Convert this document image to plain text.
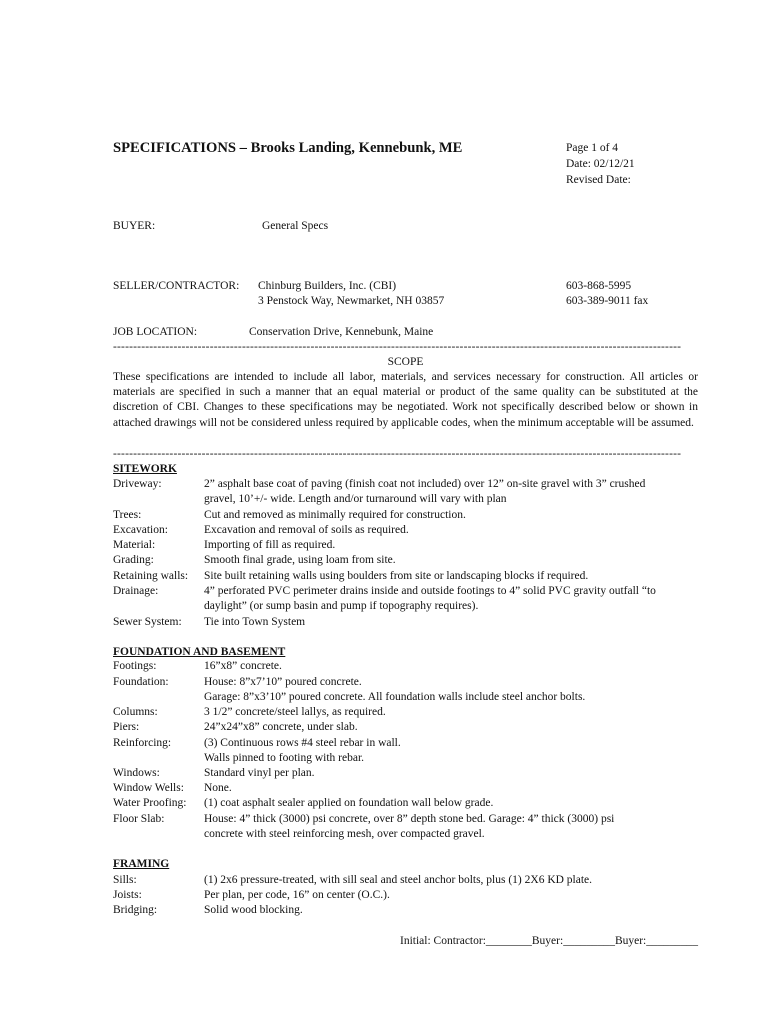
SPECIFICATIONS – Brooks Landing, Kennebunk, ME	Page 1 of 4
Date: 02/12/21
Revised Date:
BUYER:	General Specs
SELLER/CONTRACTOR: Chinburg Builders, Inc. (CBI)
3 Penstock Way, Newmarket, NH 03857
603-868-5995
603-389-9011 fax
JOB LOCATION:	Conservation Drive, Kennebunk, Maine
---------------------------------------------------------------------------------------------------------------------------------------------
SCOPE
These specifications are intended to include all labor, materials, and services necessary for construction. All articles or materials are specified in such a manner that an equal material or product of the same quality can be substituted at the discretion of CBI. Changes to these specifications may be negotiated. Work not specifically described below or shown in attached drawings will not be considered unless required by applicable codes, when the minimum acceptable will be assumed.
---------------------------------------------------------------------------------------------------------------------------------------------
SITEWORK
Driveway:	2” asphalt base coat of paving (finish coat not included) over 12” on-site gravel with 3” crushed
gravel, 10’+/- wide. Length and/or turnaround will vary with plan
Trees:	Cut and removed as minimally required for construction.
Excavation:	Excavation and removal of soils as required.
Material:	Importing of fill as required.
Grading:	Smooth final grade, using loam from site.
Retaining walls: Site built retaining walls using boulders from site or landscaping blocks if required.
Drainage:	4” perforated PVC perimeter drains inside and outside footings to 4” solid PVC gravity outfall “to
daylight” (or sump basin and pump if topography requires).
Sewer System: Tie into Town System
FOUNDATION AND BASEMENT
Footings:	16”x8” concrete.
Foundation:	House: 8”x7’10” poured concrete.
Garage: 8”x3’10” poured concrete. All foundation walls include steel anchor bolts.
Columns:	3 1/2” concrete/steel lallys, as required.
Piers:	24”x24”x8” concrete, under slab.
Reinforcing:	(3) Continuous rows #4 steel rebar in wall.
Walls pinned to footing with rebar.
Windows:	Standard vinyl per plan.
Window Wells: None.
Water Proofing: (1) coat asphalt sealer applied on foundation wall below grade.
Floor Slab:	House: 4” thick (3000) psi concrete, over 8” depth stone bed. Garage: 4” thick (3000) psi
concrete with steel reinforcing mesh, over compacted gravel.
FRAMING
Sills:	(1) 2x6 pressure-treated, with sill seal and steel anchor bolts, plus (1) 2X6 KD plate.
Joists:	Per plan, per code, 16” on center (O.C.).
Bridging:	Solid wood blocking.
Initial: Contractor:________Buyer:_________Buyer:_________
